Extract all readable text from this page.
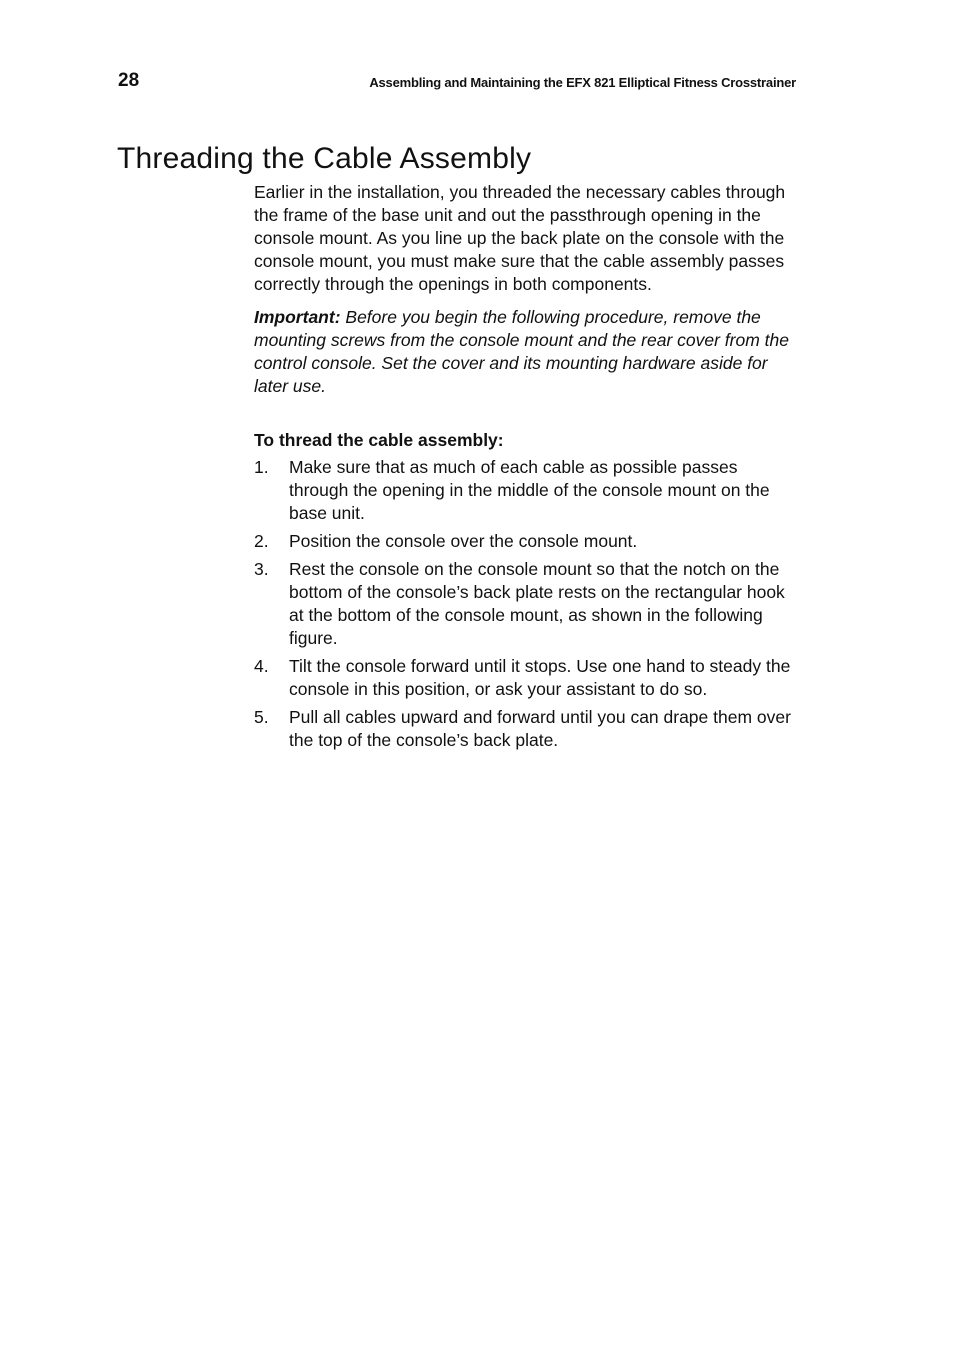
28	Assembling and Maintaining the EFX 821 Elliptical Fitness Crosstrainer
Threading the Cable Assembly

Earlier in the installation, you threaded the necessary cables through the frame of the base unit and out the passthrough opening in the console mount. As you line up the back plate on the console with the console mount, you must make sure that the cable assembly passes correctly through the openings in both components.

Important: Before you begin the following procedure, remove the mounting screws from the console mount and the rear cover from the control console. Set the cover and its mounting hardware aside for later use.

To thread the cable assembly:

1. Make sure that as much of each cable as possible passes through the opening in the middle of the console mount on the base unit.
2. Position the console over the console mount.
3. Rest the console on the console mount so that the notch on the bottom of the console’s back plate rests on the rectangular hook at the bottom of the console mount, as shown in the following figure.
4. Tilt the console forward until it stops. Use one hand to steady the console in this position, or ask your assistant to do so.
5. Pull all cables upward and forward until you can drape them over the top of the console’s back plate.
